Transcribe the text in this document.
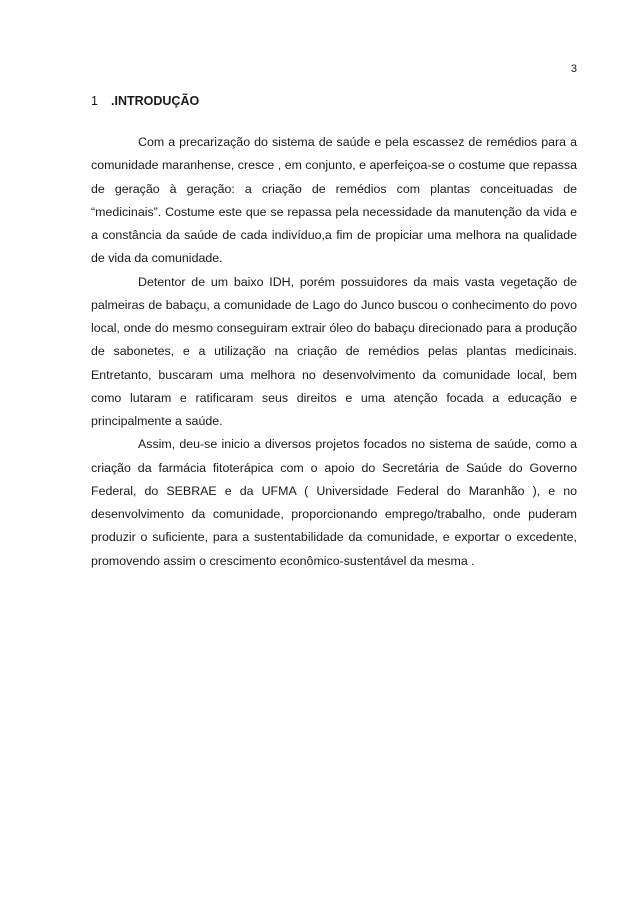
3
1 .INTRODUÇÃO

Com a precarização do sistema de saúde e pela escassez de remédios para a comunidade maranhense, cresce , em conjunto, e aperfeiçoa-se o costume que repassa de geração à geração: a criação de remédios com plantas conceituadas de “medicinais”. Costume este que se repassa pela necessidade da manutenção da vida e a constância da saúde de cada indivíduo,a fim de propiciar uma melhora na qualidade de vida da comunidade.

Detentor de um baixo IDH, porém possuidores da mais vasta vegetação de palmeiras de babaçu, a comunidade de Lago do Junco buscou o conhecimento do povo local, onde do mesmo conseguiram extrair óleo do babaçu direcionado para a produção de sabonetes, e a utilização na criação de remédios pelas plantas medicinais. Entretanto, buscaram uma melhora no desenvolvimento da comunidade local, bem como lutaram e ratificaram seus direitos e uma atenção focada a educação e principalmente a saúde.

Assim, deu-se inicio a diversos projetos focados no sistema de saúde, como a criação da farmácia fitoterápica com o apoio do Secretária de Saúde do Governo Federal, do SEBRAE e da UFMA ( Universidade Federal do Maranhão ), e no desenvolvimento da comunidade, proporcionando emprego/trabalho, onde puderam produzir o suficiente, para a sustentabilidade da comunidade, e exportar o excedente, promovendo assim o crescimento econômico-sustentável da mesma .
